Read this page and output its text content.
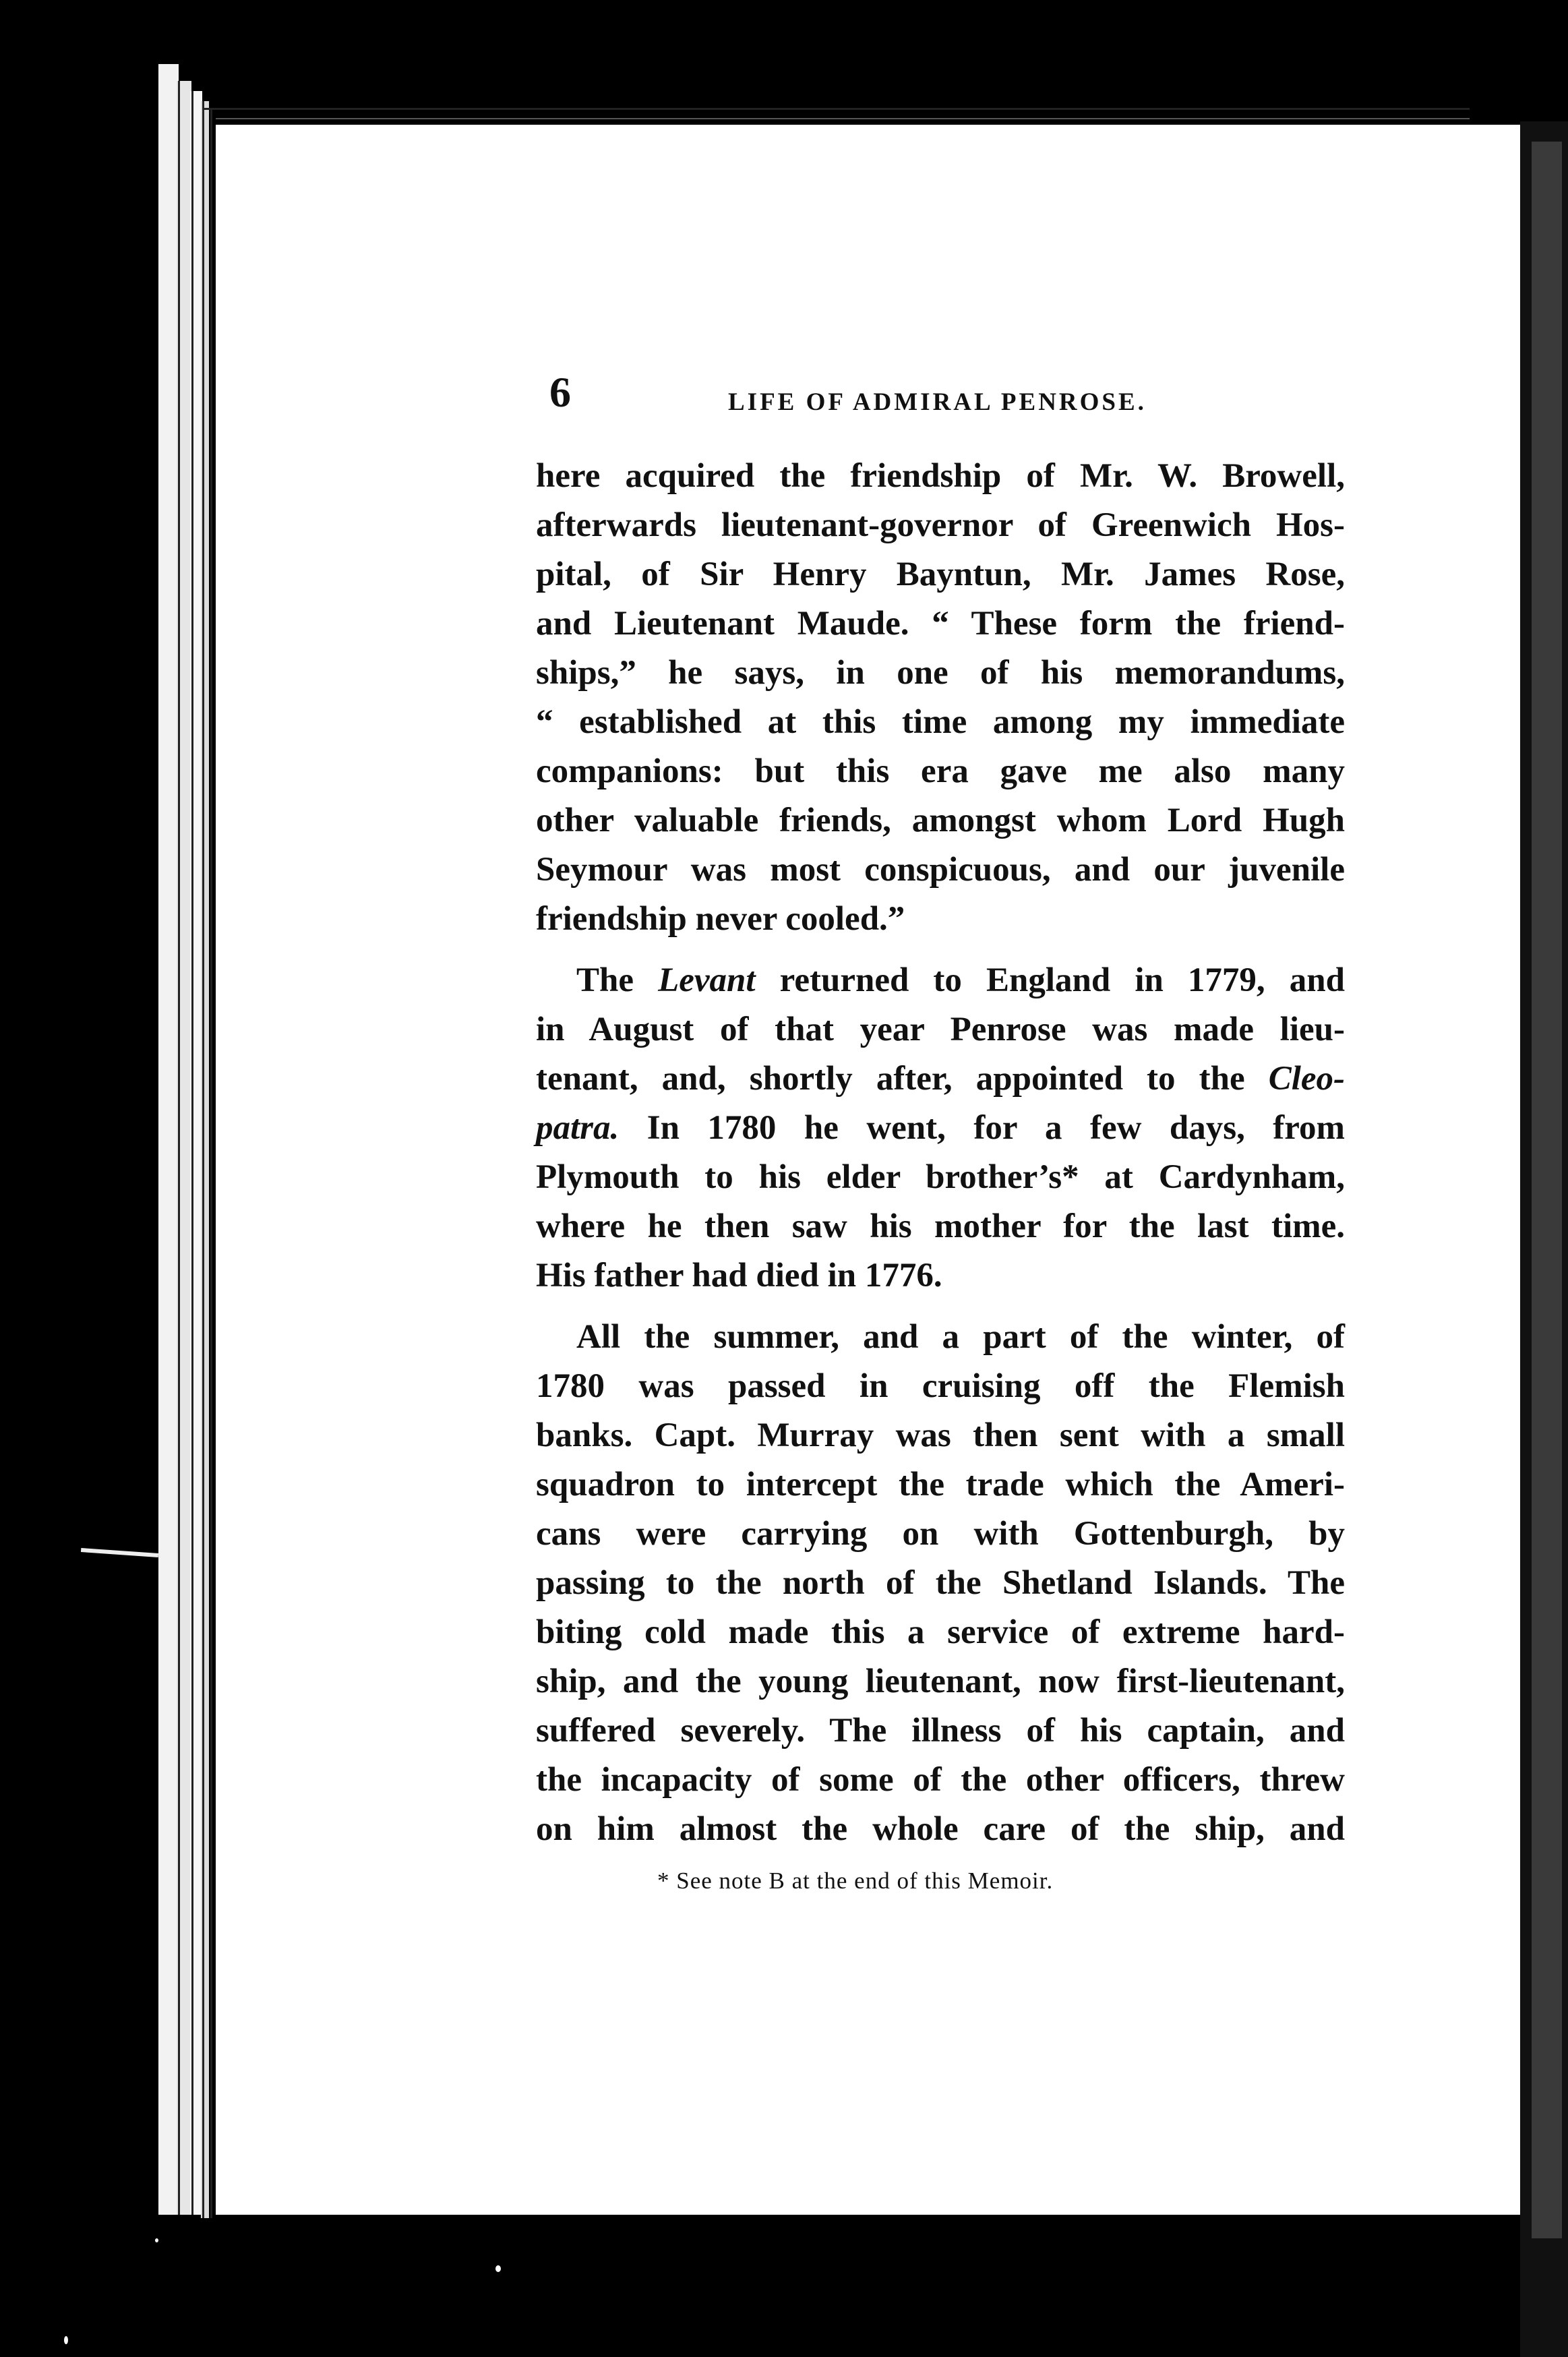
6	LIFE OF ADMIRAL PENROSE.
here acquired the friendship of Mr. W. Browell,
afterwards lieutenant-governor of Greenwich Hos-
pital, of Sir Henry Bayntun, Mr. James Rose,
and Lieutenant Maude. “ These form the friend-
ships,” he says, in one of his memorandums,
“ established at this time among my immediate
companions: but this era gave me also many
other valuable friends, amongst whom Lord Hugh
Seymour was most conspicuous, and our juvenile
friendship never cooled.”
The Levant returned to England in 1779, and
in August of that year Penrose was made lieu-
tenant, and, shortly after, appointed to the Cleo-
patra. In 1780 he went, for a few days, from
Plymouth to his elder brother’s* at Cardynham,
where he then saw his mother for the last time.
His father had died in 1776.
All the summer, and a part of the winter, of
1780 was passed in cruising off the Flemish
banks. Capt. Murray was then sent with a small
squadron to intercept the trade which the Ameri-
cans were carrying on with Gottenburgh, by
passing to the north of the Shetland Islands. The
biting cold made this a service of extreme hard-
ship, and the young lieutenant, now first-lieutenant,
suffered severely. The illness of his captain, and
the incapacity of some of the other officers, threw
on him almost the whole care of the ship, and
* See note B at the end of this Memoir.
